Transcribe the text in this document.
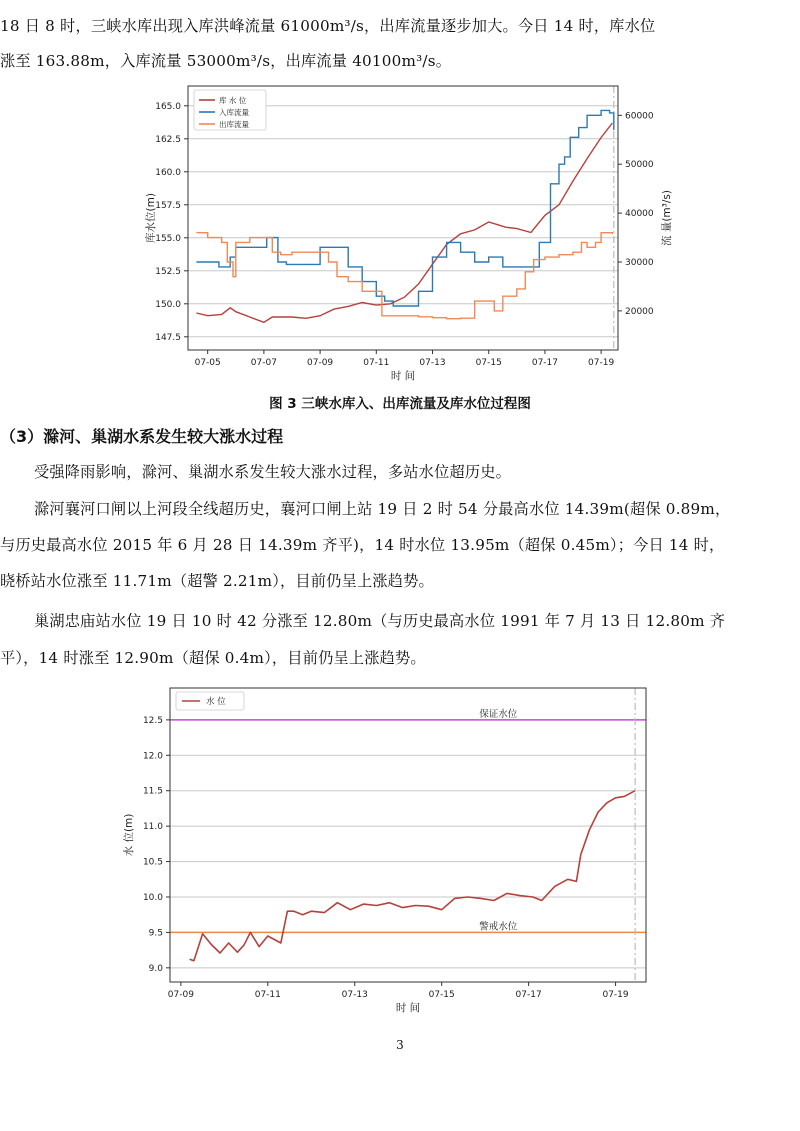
18 日 8 时，三峡水库出现入库洪峰流量 61000m³/s，出库流量逐步加大。今日 14 时，库水位
涨至 163.88m，入库流量 53000m³/s，出库流量 40100m³/s。
147.5
150.0
152.5
155.0
157.5
160.0
162.5
165.0
20000
30000
40000
50000
60000
07-05	07-07	07-09	07-11	07-13	07-15	07-17	07-19
库 水 位
入库流量
出库流量
时 间
库水位(m)	流 量(m³/s)
图 3 三峡水库入、出库流量及库水位过程图
（3）滁河、巢湖水系发生较大涨水过程
受强降雨影响，滁河、巢湖水系发生较大涨水过程，多站水位超历史。
滁河襄河口闸以上河段全线超历史，襄河口闸上站 19 日 2 时 54 分最高水位 14.39m(超保 0.89m，
与历史最高水位 2015 年 6 月 28 日 14.39m 齐平)，14 时水位 13.95m（超保 0.45m）；今日 14 时，
晓桥站水位涨至 11.71m（超警 2.21m），目前仍呈上涨趋势。
巢湖忠庙站水位 19 日 10 时 42 分涨至 12.80m（与历史最高水位 1991 年 7 月 13 日 12.80m 齐
平），14 时涨至 12.90m（超保 0.4m），目前仍呈上涨趋势。
9.0
9.5
10.0
10.5
11.0
11.5
12.0
12.5
07-09	07-11	07-13	07-15	07-17	07-19
保证水位
警戒水位
水 位
时 间
水 位(m)
3
